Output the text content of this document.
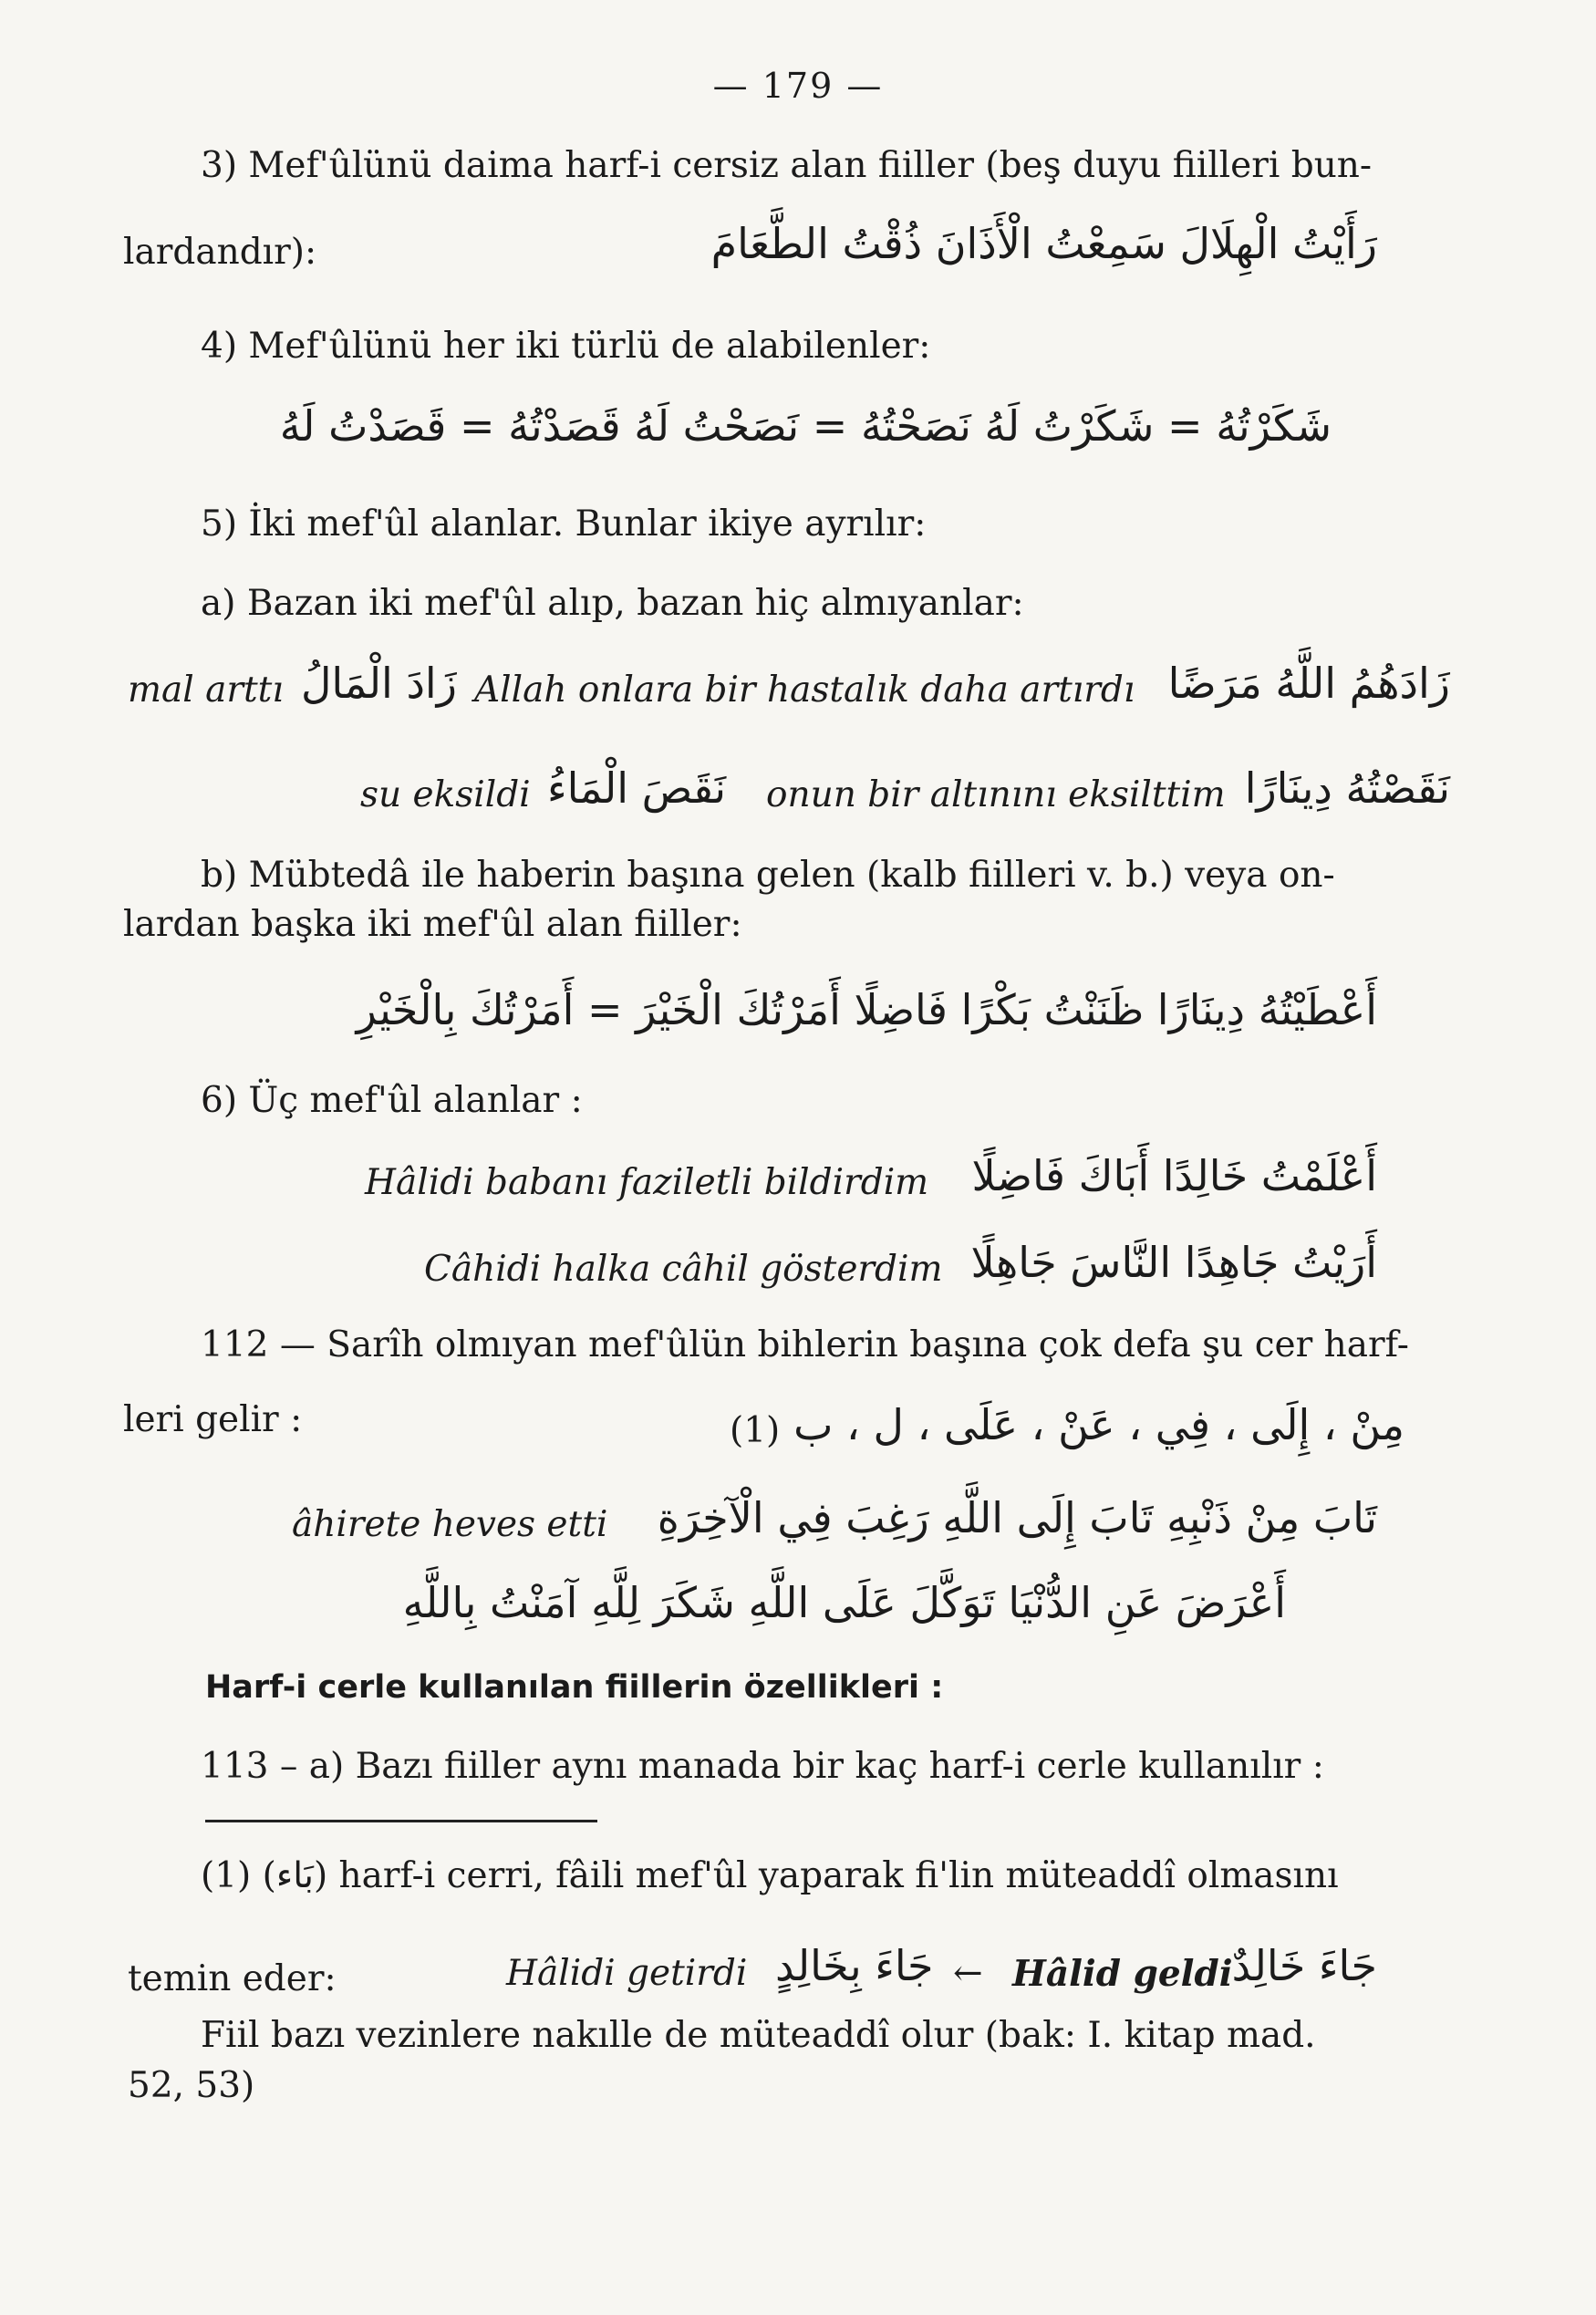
— 179 —
3) Mef'ûlünü daima harf-i cersiz alan fiiller (beş duyu fiilleri bun-
lardandır):	رَأَيْتُ الْهِلَالَ سَمِعْتُ الْأَذَانَ ذُقْتُ الطَّعَامَ
4) Mef'ûlünü her iki türlü de alabilenler:
شَكَرْتُهُ = شَكَرْتُ لَهُ نَصَحْتُهُ = نَصَحْتُ لَهُ قَصَدْتُهُ = قَصَدْتُ لَهُ
5) İki mef'ûl alanlar. Bunlar ikiye ayrılır:
a) Bazan iki mef'ûl alıp, bazan hiç almıyanlar:
mal arttı زَادَ الْمَالُ Allah onlara bir hastalık daha artırdı زَادَهُمُ اللَّهُ مَرَضًا
su eksildi نَقَصَ الْمَاءُ onun bir altınını eksilttim نَقَصْتُهُ دِينَارًا
b) Mübtedâ ile haberin başına gelen (kalb fiilleri v. b.) veya on-
lardan başka iki mef'ûl alan fiiller:
أَعْطَيْتُهُ دِينَارًا ظَنَنْتُ بَكْرًا فَاضِلًا أَمَرْتُكَ الْخَيْرَ = أَمَرْتُكَ بِالْخَيْرِ
6) Üç mef'ûl alanlar :
Hâlidi babanı faziletli bildirdim أَعْلَمْتُ خَالِدًا أَبَاكَ فَاضِلًا
Câhidi halka câhil gösterdim أَرَيْتُ جَاهِدًا النَّاسَ جَاهِلًا
112 — Sarîh olmıyan mef'ûlün bihlerin başına çok defa şu cer harf-
leri gelir :	مِنْ ، إِلَى ، فِي ، عَنْ ، عَلَى ، ل ، ب
(1)
âhirete heves etti تَابَ مِنْ ذَنْبِهِ تَابَ إِلَى اللَّهِ رَغِبَ فِي الْآخِرَةِ
أَعْرَضَ عَنِ الدُّنْيَا تَوَكَّلَ عَلَى اللَّهِ شَكَرَ لِلَّهِ آمَنْتُ بِاللَّهِ
Harf-i cerle kullanılan fiillerin özellikleri :
113 – a) Bazı fiiller aynı manada bir kaç harf-i cerle kullanılır :
(1) (بَاء) harf-i cerri, fâili mef'ûl yaparak fi'lin müteaddî olmasını
temin eder:	Hâlidi getirdi جَاءَ بِخَالِدٍ ← Hâlid geldi جَاءَ خَالِدٌ
Fiil bazı vezinlere nakılle de müteaddî olur (bak: I. kitap mad.
52, 53)
